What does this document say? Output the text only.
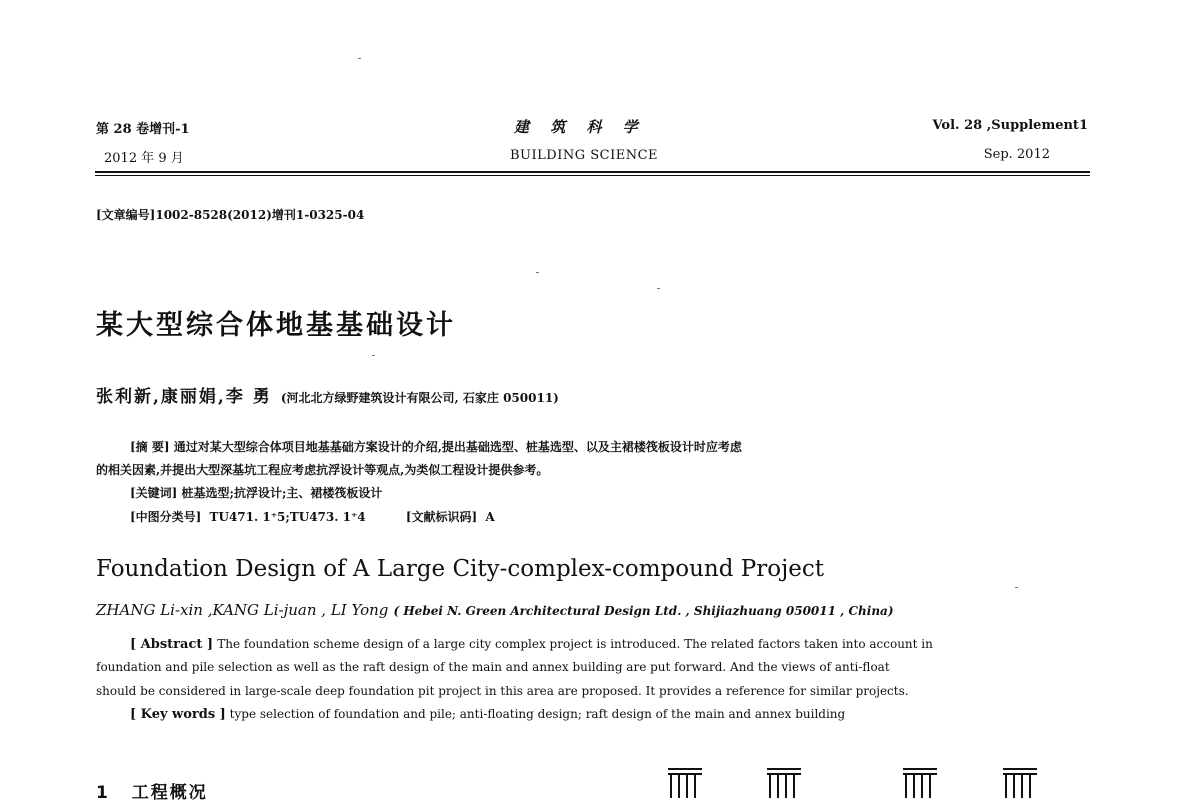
第 28 卷增刊-1
2012 年 9 月
建 筑 科 学
BUILDING SCIENCE
Vol. 28 ,Supplement1
Sep. 2012
[文章编号]1002-8528(2012)增刊1-0325-04
某大型综合体地基基础设计
张利新,康丽娟,李 勇 (河北北方绿野建筑设计有限公司, 石家庄 050011)
[摘 要] 通过对某大型综合体项目地基基础方案设计的介绍,提出基础选型、桩基选型、以及主裙楼筏板设计时应考虑
的相关因素,并提出大型深基坑工程应考虑抗浮设计等观点,为类似工程设计提供参考。
[关键词] 桩基选型;抗浮设计;主、裙楼筏板设计
[中图分类号] TU471. 1⁺5;TU473. 1⁺4	[文献标识码] A
Foundation Design of A Large City-complex-compound Project
ZHANG Li-xin ,KANG Li-juan , LI Yong ( Hebei N. Green Architectural Design Ltd. , Shijiazhuang 050011 , China)
[ Abstract ] The foundation scheme design of a large city complex project is introduced. The related factors taken into account in
foundation and pile selection as well as the raft design of the main and annex building are put forward. And the views of anti-float
should be considered in large-scale deep foundation pit project in this area are proposed. It provides a reference for similar projects.
[ Key words ] type selection of foundation and pile; anti-floating design; raft design of the main and annex building
1 工程概况
